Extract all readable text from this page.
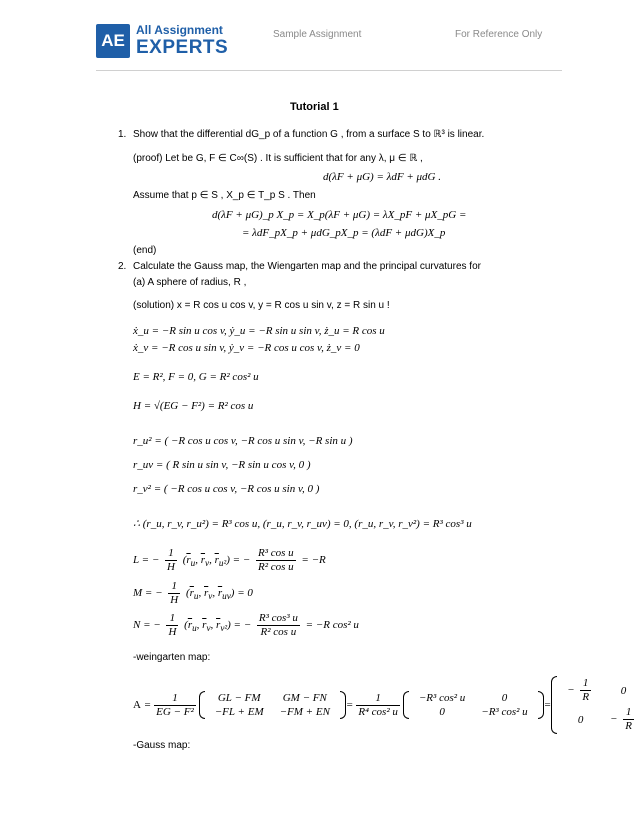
AE
All Assignment
EXPERTS
Sample Assignment	For Reference Only
Tutorial 1
1. Show that the differential dG_p of a function G , from a surface S to ℝ³ is linear.
(proof) Let be G, F ∈ C∞(S) . It is sufficient that for any λ, μ ∈ ℝ ,
d(λF + μG) = λdF + μdG .
Assume that p ∈ S , X_p ∈ T_p S . Then
d(λF + μG)_p X_p = X_p(λF + μG) = λX_pF + μX_pG =
= λdF_pX_p + μdG_pX_p = (λdF + μdG)X_p
(end)
2. Calculate the Gauss map, the Wiengarten map and the principal curvatures for
(a) A sphere of radius, R ,
(solution) x = R cos u cos v, y = R cos u sin v, z = R sin u !
ẋ_u = −R sin u cos v, ẏ_u = −R sin u sin v, ż_u = R cos u
ẋ_v = −R cos u sin v, ẏ_v = −R cos u cos v, ż_v = 0
E = R², F = 0, G = R² cos² u
H = √(EG − F²) = R² cos u
r_u² = ( −R cos u cos v, −R cos u sin v, −R sin u )
r_uv = ( R sin u sin v, −R sin u cos v, 0 )
r_v² = ( −R cos u cos v, −R cos u sin v, 0 )
∴ (r_u, r_v, r_u²) = R³ cos u, (r_u, r_v, r_uv) = 0, (r_u, r_v, r_v²) = R³ cos³ u
L = − $\frac{1}{H} (\overline{r}_u$, $\overline{r}_v$, $\overline{r}_{u^2}$) = − $\frac{\text{R³ cos u}}{\text{R² cos u}} = -R$
M = − $\frac{1}{H} (\overline{r}_u$, $\overline{r}_v$, $\overline{r}_{uv}) = 0$
N = − $\frac{1}{H} (\overline{r}_u$, $\overline{r}_v$, $\overline{r}_{v^2}$) = − $\frac{\text{R³ cos³ u}}{\text{R² cos u}} = -R$ cos² u
-weingarten map:
$A = \frac{1}{\text{EG − F²}}$ GL − FM	GM − FN
−FL + EM	−FM + EN
= $\frac{1}{\text{R⁴ cos² u}} -R^3$ cos² u	0
0	−R³ cos² u
=
− $\frac{1}{R}$	0
0	− $\frac{1}{R}$
-Gauss map:
